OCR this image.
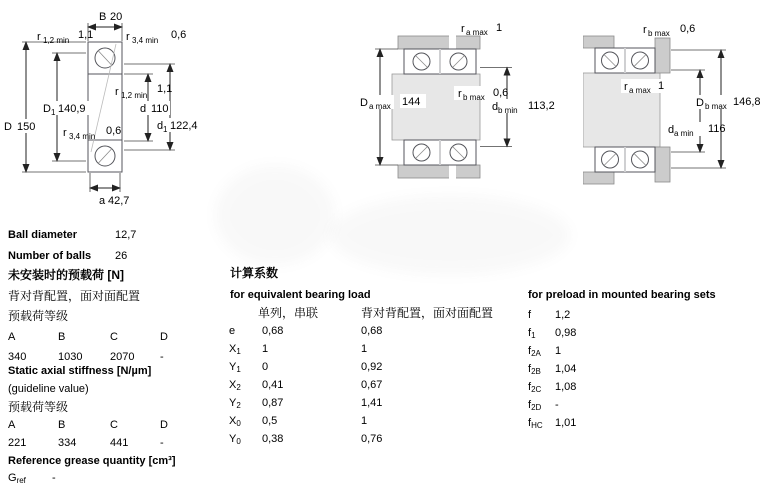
B 20
r 1,2 min 1,1	r 3,4 min 0,6
D 1 140,9
D 150
r 1,2 min
1,1
d 110
d 1 122,4
r 3,4 min 0,6
a 42,7
r a max 1
D a max 144
r b max 0,6
d b min 113,2
r b max 0,6
r a max 1
D b max 146,8
d a min 116
Ball diameter	12,7
Number of balls 26
未安装时的预载荷 [N]
背对背配置，面对面配置
预载荷等级
A	B	C	D
340	1030	2070 -
Static axial stiffness [N/µm]
(guideline value)
预载荷等级
A	B	C	D
221	334	441	-
Reference grease quantity [cm³]
$G_{ref}$ -
计算系数
for equivalent bearing load
单列，串联	背对背配置，面对面配置
e 0,68	0,68
$X_1$ 1	1
$Y_1$ 0	0,92
$X_2$ 0,41	0,67
$Y_2$ 0,87	1,41
$X_0$ 0,5	1
$Y_0$ 0,38	0,76
for preload in mounted bearing sets
f 1,2
$f_1$ 0,98
$f_{2A}$ 1
$f_{2B}$ 1,04
$f_{2C}$ 1,08
$f_{2D}$ -
$f_{HC}$ 1,01
